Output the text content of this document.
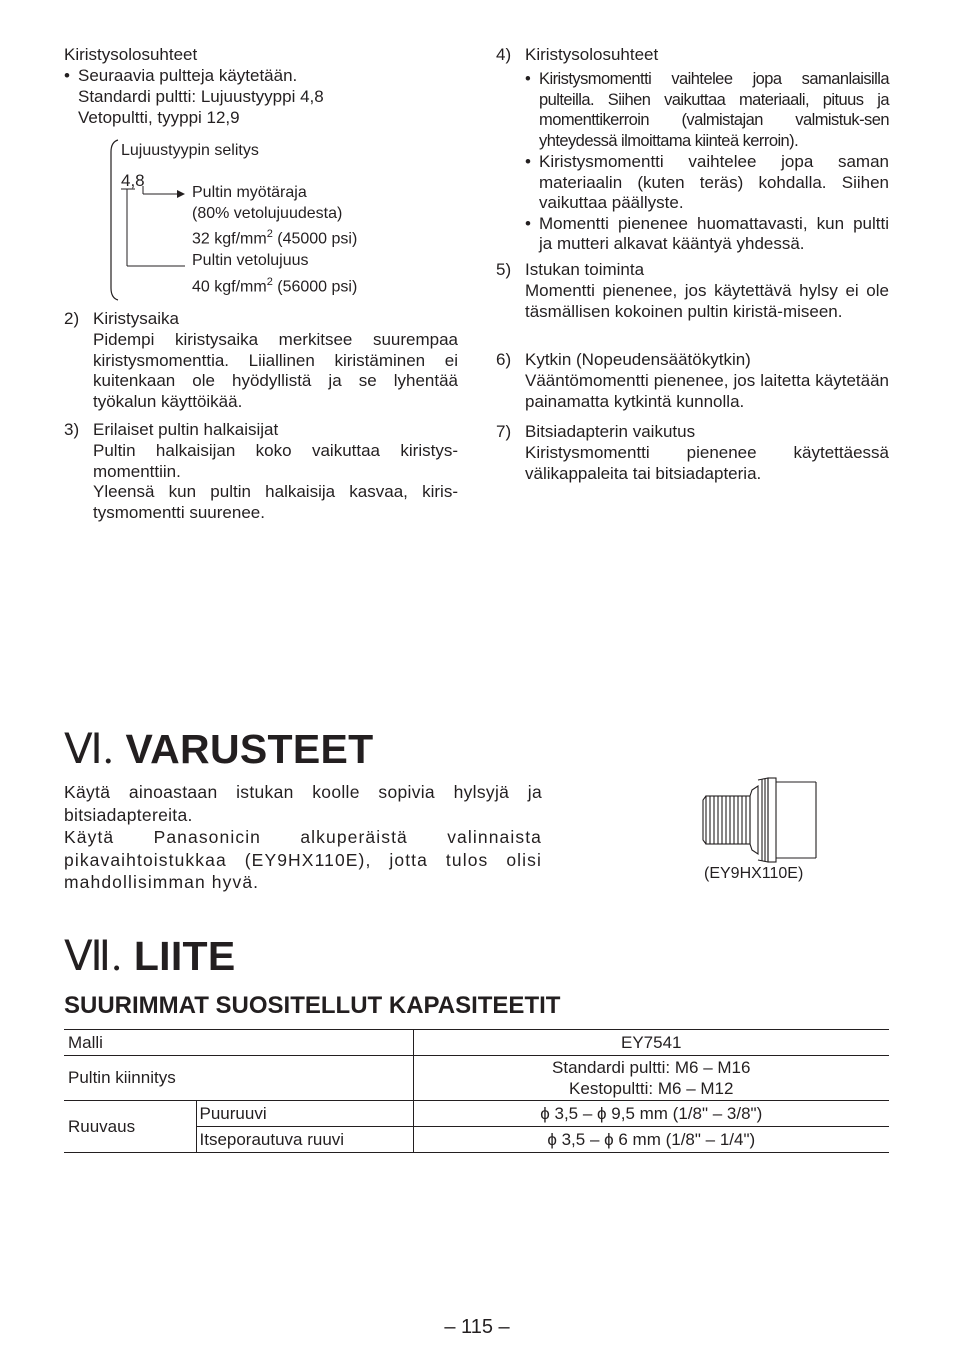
Kiristysolosuhteet
• Seuraavia pultteja käytetään.
Standardi pultti: Lujuustyyppi 4,8
Vetopultti, tyyppi 12,9
Lujuustyypin selitys
4,8
Pultin myötäraja
(80% vetolujuudesta)
32 kgf/$mm^2$ (45000 psi)
Pultin vetolujuus
40 kgf/$mm^2$ (56000 psi)
2) Kiristysaika
Pidempi kiristysaika merkitsee suurempaa kiristysmomenttia. Liiallinen kiristäminen ei kuitenkaan ole hyödyllistä ja se lyhentää työkalun käyttöikää.
3) Erilaiset pultin halkaisijat
Pultin halkaisijan koko vaikuttaa kiristys-momenttiin.
Yleensä kun pultin halkaisija kasvaa, kiris-tysmomentti suurenee.
4) Kiristysolosuhteet
• Kiristysmomentti vaihtelee jopa samanlaisilla pulteilla. Siihen vaikuttaa materiaali, pituus ja momenttikerroin (valmistajan valmistuk-sen yhteydessä ilmoittama kiinteä kerroin).
• Kiristysmomentti vaihtelee jopa saman materiaalin (kuten teräs) kohdalla. Siihen vaikuttaa päällyste.
• Momentti pienenee huomattavasti, kun pultti ja mutteri alkavat kääntyä yhdessä.
5) Istukan toiminta
Momentti pienenee, jos käytettävä hylsy ei ole täsmällisen kokoinen pultin kiristä-miseen.
6) Kytkin (Nopeudensäätökytkin)
Vääntömomentti pienenee, jos laitetta käytetään painamatta kytkintä kunnolla.
7) Bitsiadapterin vaikutus
Kiristysmomentti pienenee käytettäessä välikappaleita tai bitsiadapteria.
Ⅵ. VARUSTEET
Käytä ainoastaan istukan koolle sopivia hylsyjä ja bitsiadaptereita.
Käytä Panasonicin alkuperäistä valinnaista pikavaihtoistukkaa (EY9HX110E), jotta tulos olisi mahdollisimman hyvä.	(EY9HX110E)
Ⅶ. LIITE
SUURIMMAT SUOSITELLUT KAPASITEETIT
Malli		EY7541
Pultin kiinnitys		Standardi pultti: M6 – M16
Kestopultti: M6 – M12

Ruuvaus	Puuruuvi	ϕ 3,5 – ϕ 9,5 mm (1/8" – 3/8")
	Itseporautuva ruuvi	ϕ 3,5 – ϕ 6 mm (1/8" – 1/4")
– 115 –
